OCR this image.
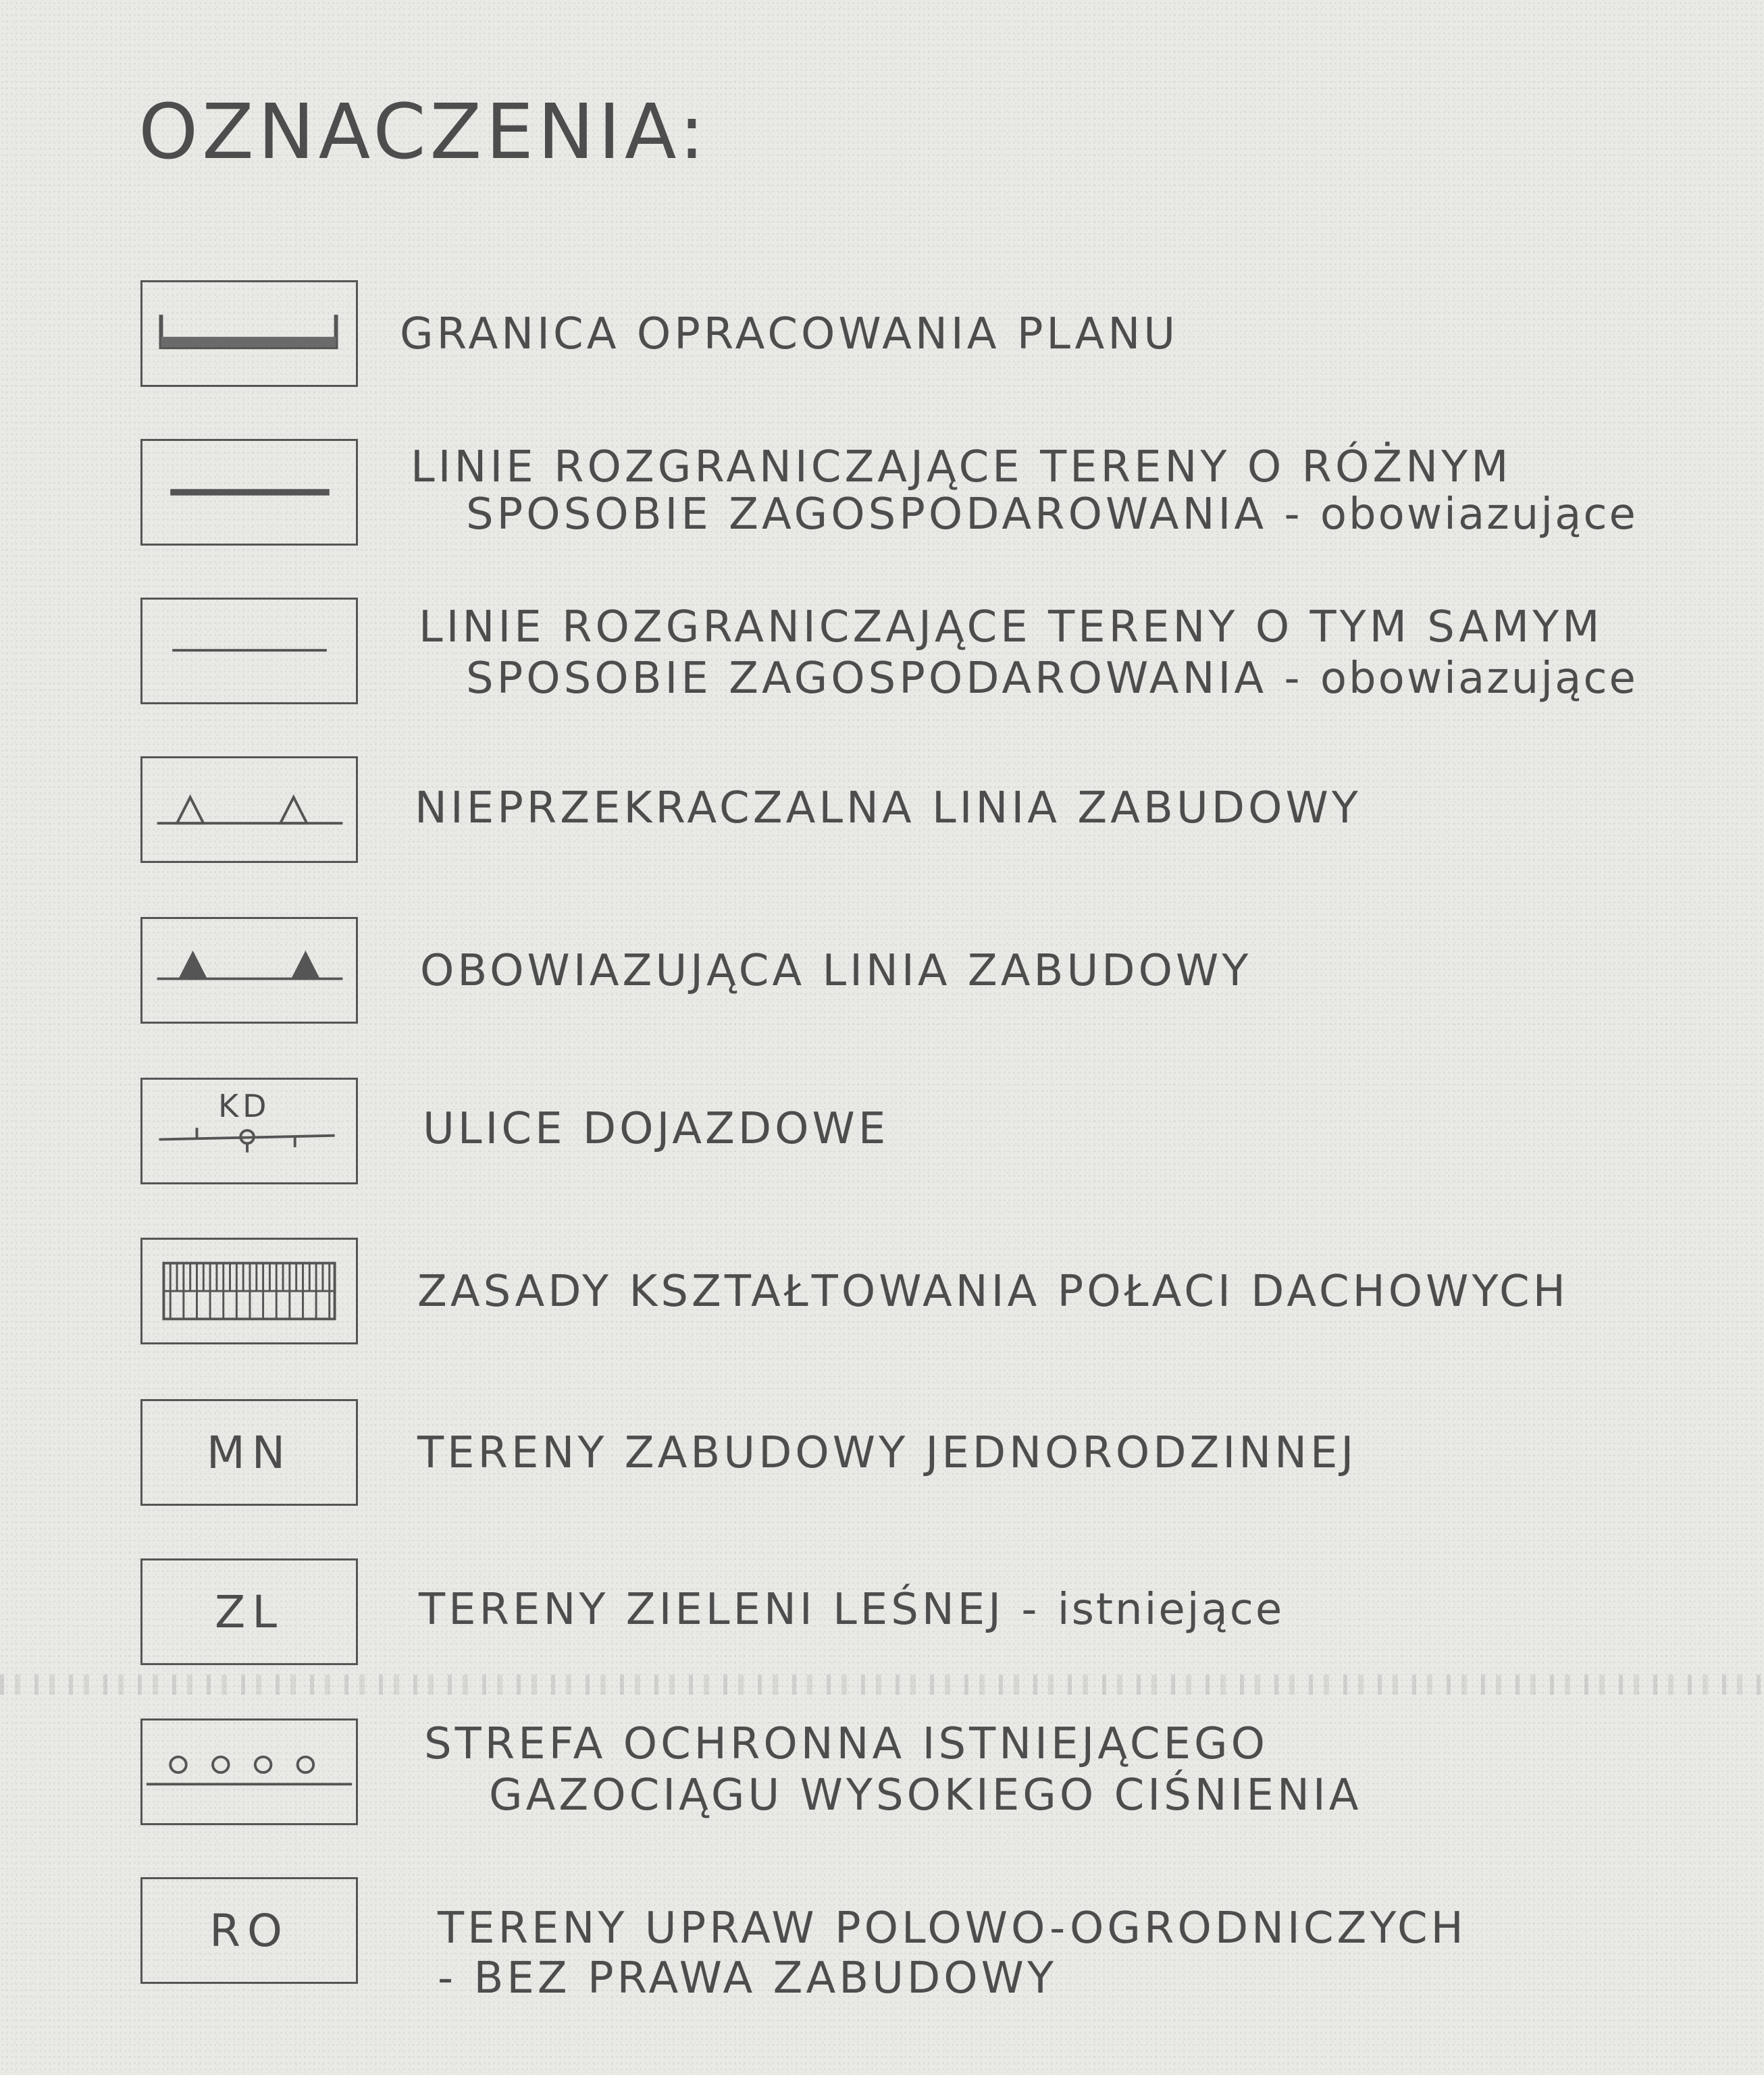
OZNACZENIA:
GRANICA OPRACOWANIA PLANU
LINIE ROZGRANICZAJĄCE TERENY O RÓŻNYM
SPOSOBIE ZAGOSPODAROWANIA - obowiazujące
LINIE ROZGRANICZAJĄCE TERENY O TYM SAMYM
SPOSOBIE ZAGOSPODAROWANIA - obowiazujące
NIEPRZEKRACZALNA LINIA ZABUDOWY
OBOWIAZUJĄCA LINIA ZABUDOWY
KD	ULICE DOJAZDOWE
ZASADY KSZTAŁTOWANIA POŁACI DACHOWYCH
MN	TERENY ZABUDOWY JEDNORODZINNEJ
ZL	TERENY ZIELENI LEŚNEJ - istniejące
STREFA OCHRONNA ISTNIEJĄCEGO
GAZOCIĄGU WYSOKIEGO CIŚNIENIA
RO	TERENY UPRAW POLOWO-OGRODNICZYCH
- BEZ PRAWA ZABUDOWY
